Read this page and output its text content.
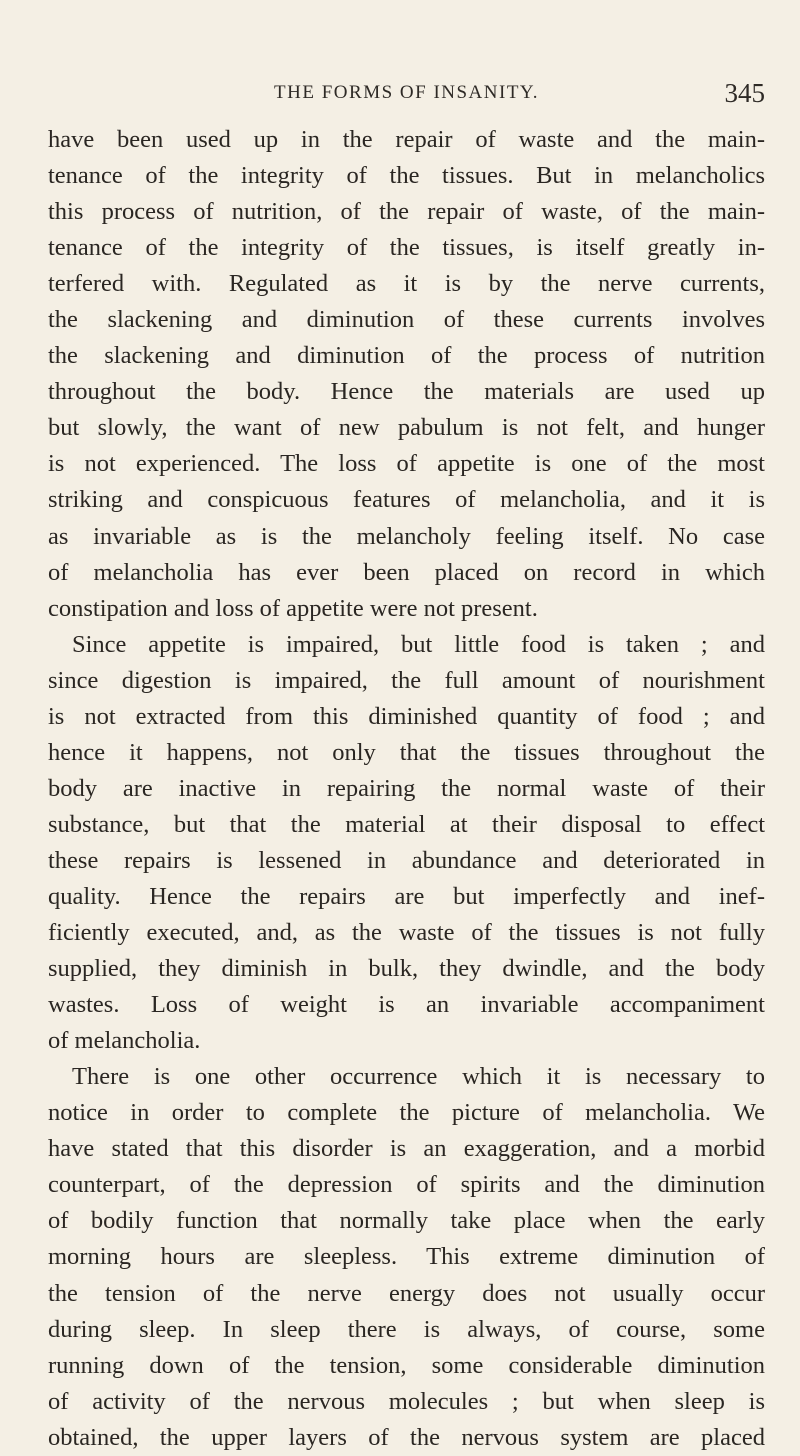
THE FORMS OF INSANITY.	345
have been used up in the repair of waste and the main-
tenance of the integrity of the tissues. But in melancholics
this process of nutrition, of the repair of waste, of the main-
tenance of the integrity of the tissues, is itself greatly in-
terfered with. Regulated as it is by the nerve currents,
the slackening and diminution of these currents involves
the slackening and diminution of the process of nutrition
throughout the body. Hence the materials are used up
but slowly, the want of new pabulum is not felt, and hunger
is not experienced. The loss of appetite is one of the most
striking and conspicuous features of melancholia, and it is
as invariable as is the melancholy feeling itself. No case
of melancholia has ever been placed on record in which
constipation and loss of appetite were not present.
Since appetite is impaired, but little food is taken ; and
since digestion is impaired, the full amount of nourishment
is not extracted from this diminished quantity of food ; and
hence it happens, not only that the tissues throughout the
body are inactive in repairing the normal waste of their
substance, but that the material at their disposal to effect
these repairs is lessened in abundance and deteriorated in
quality. Hence the repairs are but imperfectly and inef-
ficiently executed, and, as the waste of the tissues is not fully
supplied, they diminish in bulk, they dwindle, and the body
wastes. Loss of weight is an invariable accompaniment
of melancholia.
There is one other occurrence which it is necessary to
notice in order to complete the picture of melancholia. We
have stated that this disorder is an exaggeration, and a morbid
counterpart, of the depression of spirits and the diminution
of bodily function that normally take place when the early
morning hours are sleepless. This extreme diminution of
the tension of the nerve energy does not usually occur
during sleep. In sleep there is always, of course, some
running down of the tension, some considerable diminution
of activity of the nervous molecules ; but when sleep is
obtained, the upper layers of the nervous system are placed
